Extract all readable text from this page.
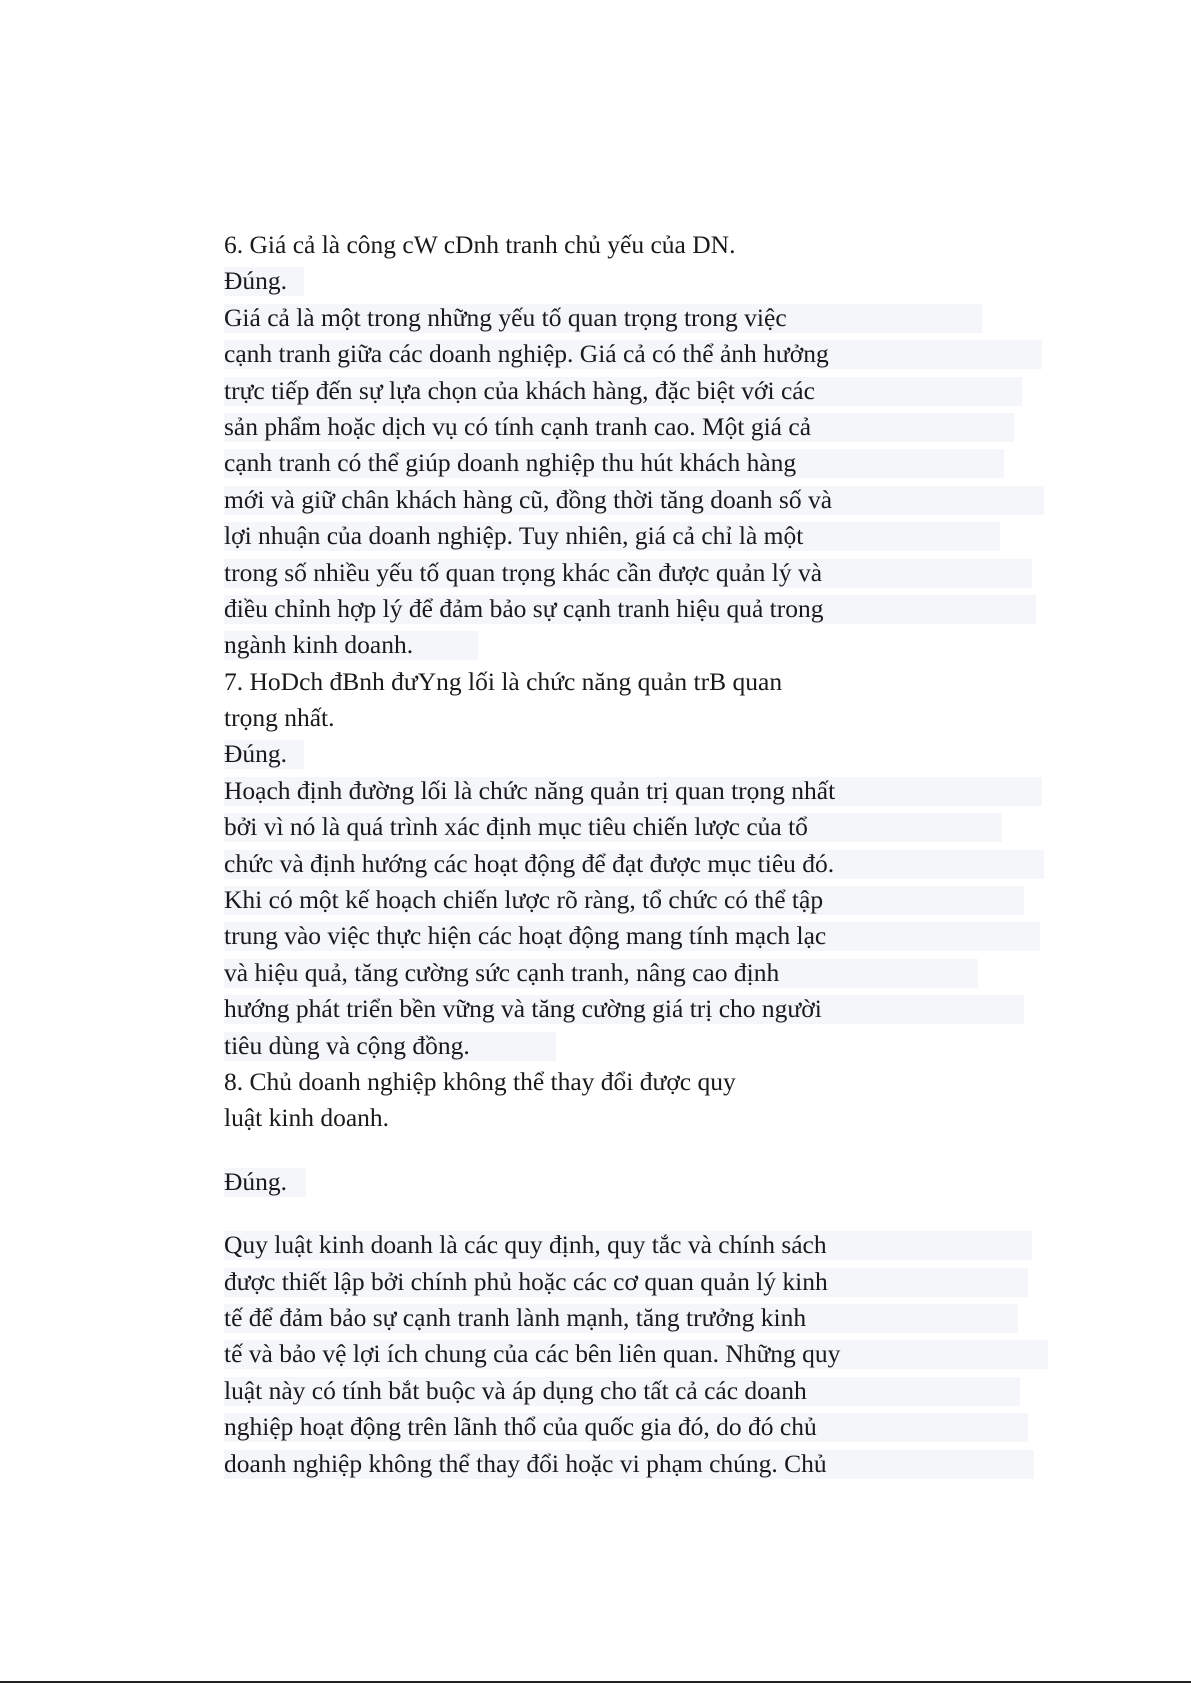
6. Giá cả là công cW cDnh tranh chủ yếu của DN.
Đúng.
Giá cả là một trong những yếu tố quan trọng trong việc
cạnh tranh giữa các doanh nghiệp. Giá cả có thể ảnh hưởng
trực tiếp đến sự lựa chọn của khách hàng, đặc biệt với các
sản phẩm hoặc dịch vụ có tính cạnh tranh cao. Một giá cả
cạnh tranh có thể giúp doanh nghiệp thu hút khách hàng
mới và giữ chân khách hàng cũ, đồng thời tăng doanh số và
lợi nhuận của doanh nghiệp. Tuy nhiên, giá cả chỉ là một
trong số nhiều yếu tố quan trọng khác cần được quản lý và
điều chỉnh hợp lý để đảm bảo sự cạnh tranh hiệu quả trong
ngành kinh doanh.
7. HoDch đBnh đưYng lối là chức năng quản trB quan
trọng nhất.
Đúng.
Hoạch định đường lối là chức năng quản trị quan trọng nhất
bởi vì nó là quá trình xác định mục tiêu chiến lược của tổ
chức và định hướng các hoạt động để đạt được mục tiêu đó.
Khi có một kế hoạch chiến lược rõ ràng, tổ chức có thể tập
trung vào việc thực hiện các hoạt động mang tính mạch lạc
và hiệu quả, tăng cường sức cạnh tranh, nâng cao định
hướng phát triển bền vững và tăng cường giá trị cho người
tiêu dùng và cộng đồng.
8. Chủ doanh nghiệp không thể thay đổi được quy
luật kinh doanh.
Đúng.
Quy luật kinh doanh là các quy định, quy tắc và chính sách
được thiết lập bởi chính phủ hoặc các cơ quan quản lý kinh
tế để đảm bảo sự cạnh tranh lành mạnh, tăng trưởng kinh
tế và bảo vệ lợi ích chung của các bên liên quan. Những quy
luật này có tính bắt buộc và áp dụng cho tất cả các doanh
nghiệp hoạt động trên lãnh thổ của quốc gia đó, do đó chủ
doanh nghiệp không thể thay đổi hoặc vi phạm chúng. Chủ
